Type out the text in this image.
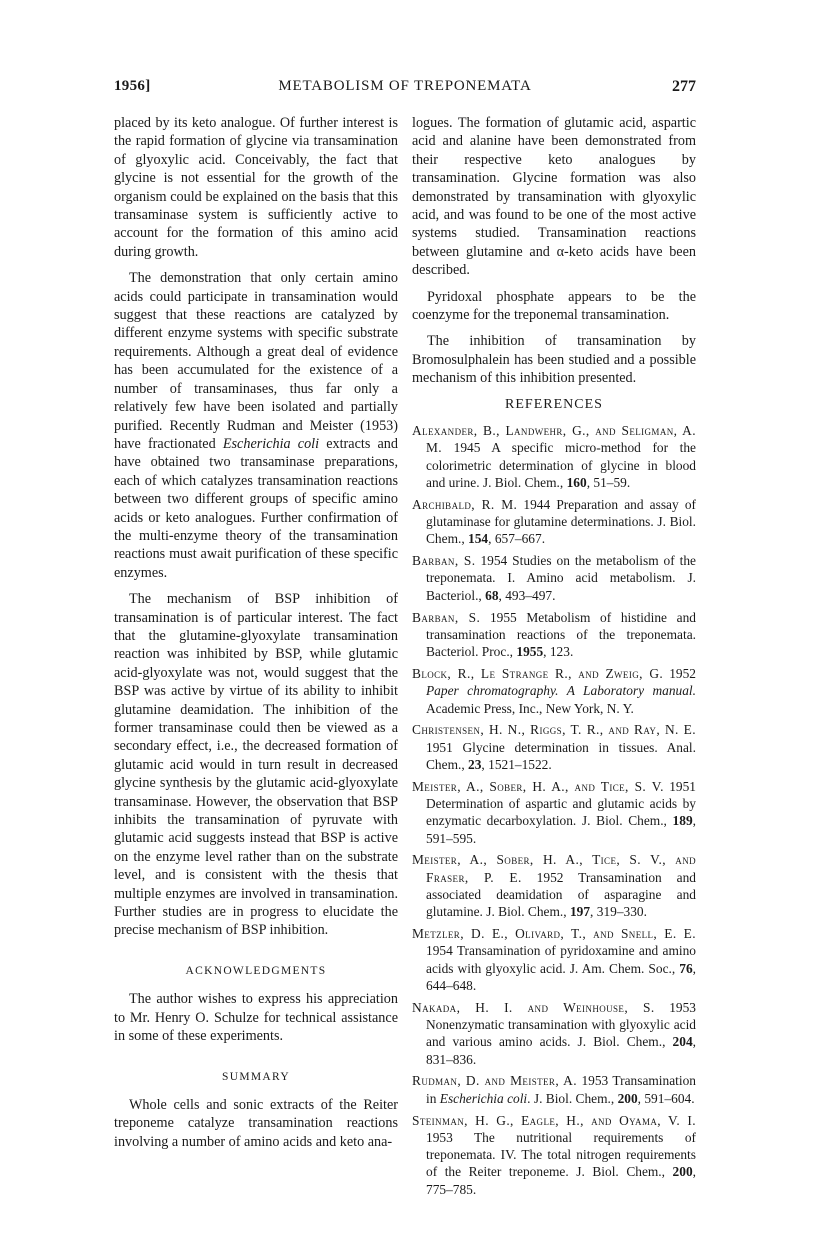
1956]	METABOLISM OF TREPONEMATA	277

placed by its keto analogue. Of further interest is the rapid formation of glycine via transamination of glyoxylic acid. Conceivably, the fact that glycine is not essential for the growth of the organism could be explained on the basis that this transaminase system is sufficiently active to account for the formation of this amino acid during growth.

The demonstration that only certain amino acids could participate in transamination would suggest that these reactions are catalyzed by different enzyme systems with specific substrate requirements. Although a great deal of evidence has been accumulated for the existence of a number of transaminases, thus far only a relatively few have been isolated and partially purified. Recently Rudman and Meister (1953) have fractionated Escherichia coli extracts and have obtained two transaminase preparations, each of which catalyzes transamination reactions between two different groups of specific amino acids or keto analogues. Further confirmation of the multi-enzyme theory of the transamination reactions must await purification of these specific enzymes.

The mechanism of BSP inhibition of transamination is of particular interest. The fact that the glutamine-glyoxylate transamination reaction was inhibited by BSP, while glutamic acid-glyoxylate was not, would suggest that the BSP was active by virtue of its ability to inhibit glutamine deamidation. The inhibition of the former transaminase could then be viewed as a secondary effect, i.e., the decreased formation of glutamic acid would in turn result in decreased glycine synthesis by the glutamic acid-glyoxylate transaminase. However, the observation that BSP inhibits the transamination of pyruvate with glutamic acid suggests instead that BSP is active on the enzyme level rather than on the substrate level, and is consistent with the thesis that multiple enzymes are involved in transamination. Further studies are in progress to elucidate the precise mechanism of BSP inhibition.

ACKNOWLEDGMENTS

The author wishes to express his appreciation to Mr. Henry O. Schulze for technical assistance in some of these experiments.

SUMMARY

Whole cells and sonic extracts of the Reiter treponeme catalyze transamination reactions involving a number of amino acids and keto ana-

logues. The formation of glutamic acid, aspartic acid and alanine have been demonstrated from their respective keto analogues by transamination. Glycine formation was also demonstrated by transamination with glyoxylic acid, and was found to be one of the most active systems studied. Transamination reactions between glutamine and α-keto acids have been described.

Pyridoxal phosphate appears to be the coenzyme for the treponemal transamination.

The inhibition of transamination by Bromosulphalein has been studied and a possible mechanism of this inhibition presented.

REFERENCES
Alexander, B., Landwehr, G., and Seligman, A. M. 1945 A specific micro-method for the colorimetric determination of glycine in blood and urine. J. Biol. Chem., 160, 51–59.
Archibald, R. M. 1944 Preparation and assay of glutaminase for glutamine determinations. J. Biol. Chem., 154, 657–667.
Barban, S. 1954 Studies on the metabolism of the treponemata. I. Amino acid metabolism. J. Bacteriol., 68, 493–497.
Barban, S. 1955 Metabolism of histidine and transamination reactions of the treponemata. Bacteriol. Proc., 1955, 123.
Block, R., Le Strange R., and Zweig, G. 1952 Paper chromatography. A Laboratory manual. Academic Press, Inc., New York, N. Y.
Christensen, H. N., Riggs, T. R., and Ray, N. E. 1951 Glycine determination in tissues. Anal. Chem., 23, 1521–1522.
Meister, A., Sober, H. A., and Tice, S. V. 1951 Determination of aspartic and glutamic acids by enzymatic decarboxylation. J. Biol. Chem., 189, 591–595.
Meister, A., Sober, H. A., Tice, S. V., and Fraser, P. E. 1952 Transamination and associated deamidation of asparagine and glutamine. J. Biol. Chem., 197, 319–330.
Metzler, D. E., Olivard, T., and Snell, E. E. 1954 Transamination of pyridoxamine and amino acids with glyoxylic acid. J. Am. Chem. Soc., 76, 644–648.
Nakada, H. I. and Weinhouse, S. 1953 Nonenzymatic transamination with glyoxylic acid and various amino acids. J. Biol. Chem., 204, 831–836.
Rudman, D. and Meister, A. 1953 Transamination in Escherichia coli. J. Biol. Chem., 200, 591–604.
Steinman, H. G., Eagle, H., and Oyama, V. I. 1953 The nutritional requirements of treponemata. IV. The total nitrogen requirements of the Reiter treponeme. J. Biol. Chem., 200, 775–785.
